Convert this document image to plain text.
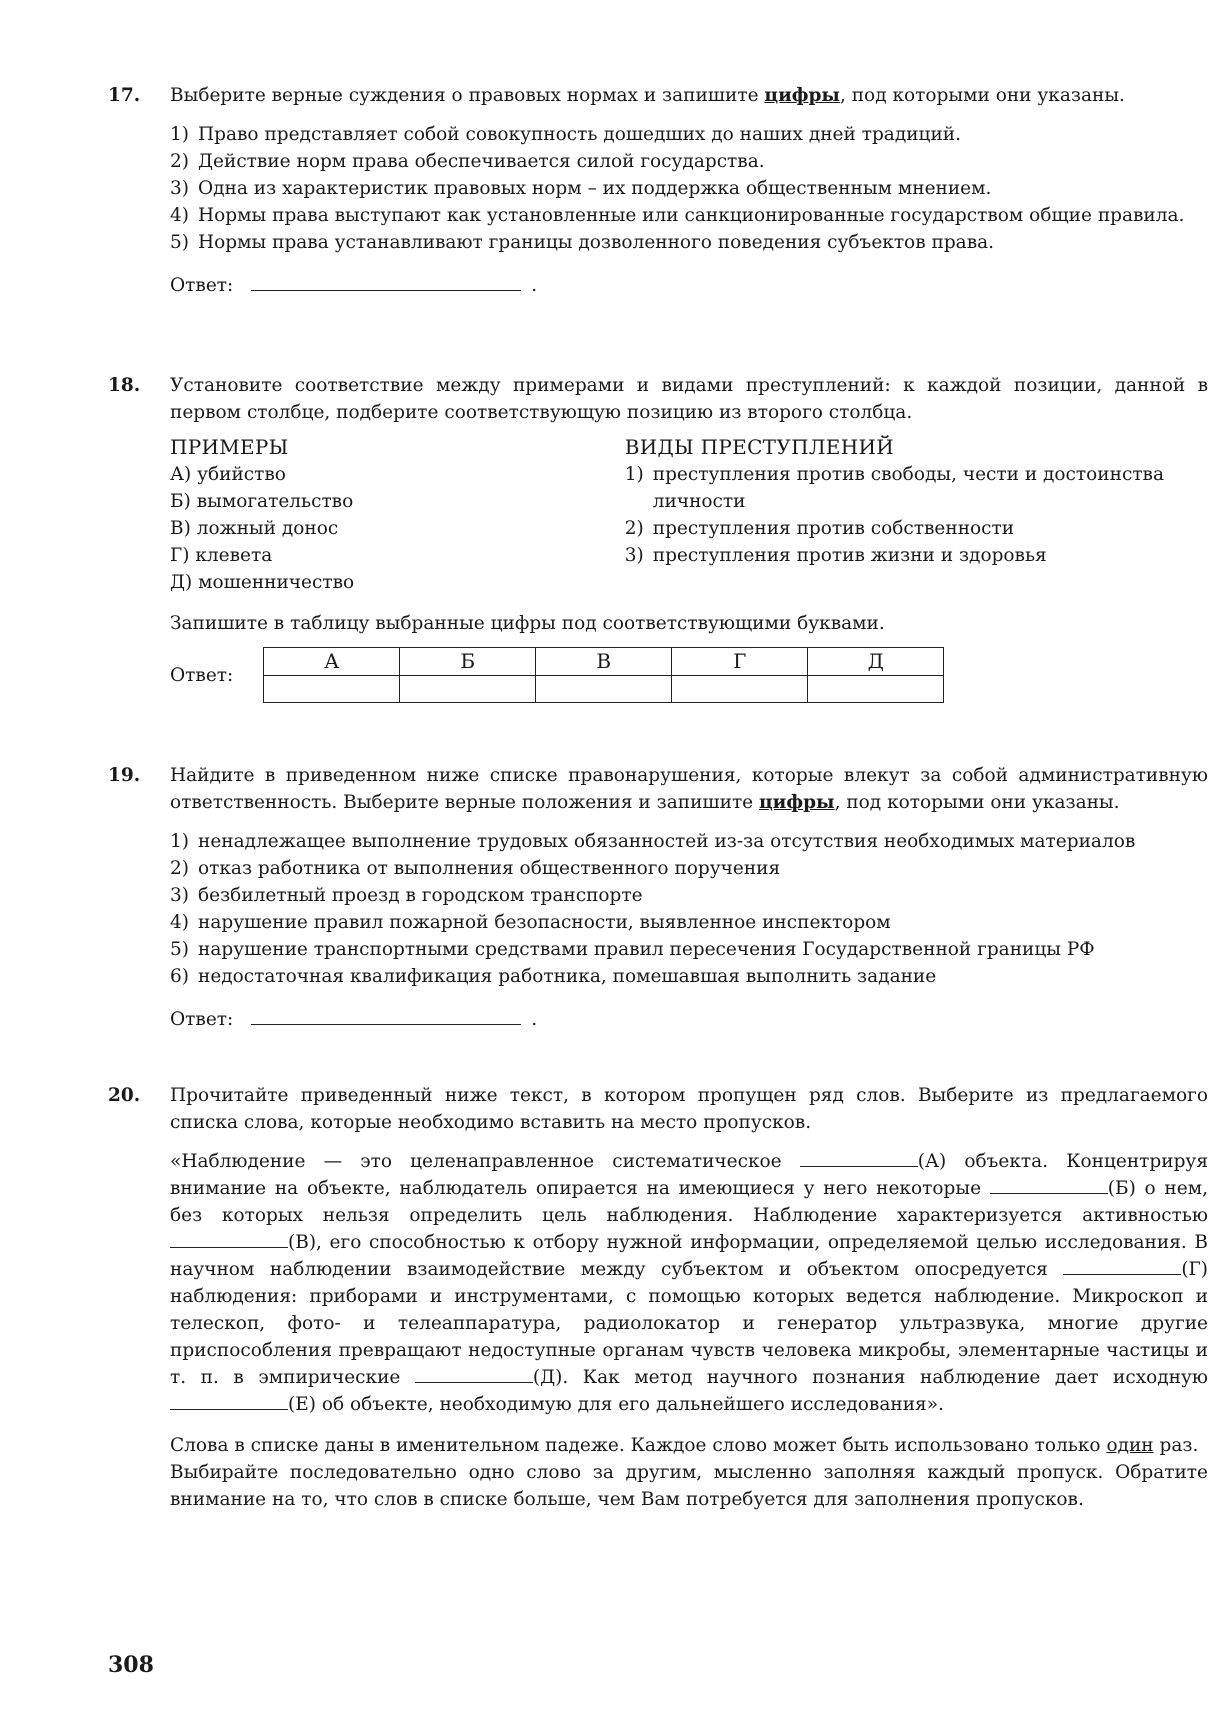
17. Выберите верные суждения о правовых нормах и запишите цифры, под которыми они указаны.
1) Право представляет собой совокупность дошедших до наших дней традиций.
2) Действие норм права обеспечивается силой государства.
3) Одна из характеристик правовых норм – их поддержка общественным мнением.
4) Нормы права выступают как установленные или санкционированные государством общие правила.
5) Нормы права устанавливают границы дозволенного поведения субъектов права.
Ответ:	.
18. Установите соответствие между примерами и видами преступлений: к каждой позиции, данной в первом столбце, подберите соответствующую позицию из второго столбца.
ПРИМЕРЫ
А) убийство
Б) вымогательство
В) ложный донос
Г) клевета
Д) мошенничество
ВИДЫ ПРЕСТУПЛЕНИЙ
1) преступления против свободы, чести и достоинства личности
2) преступления против собственности
3) преступления против жизни и здоровья
Запишите в таблицу выбранные цифры под соответствующими буквами.
Ответ:
А	Б	В	Г	Д

19. Найдите в приведенном ниже списке правонарушения, которые влекут за собой административную ответственность. Выберите верные положения и запишите цифры, под которыми они указаны.
1) ненадлежащее выполнение трудовых обязанностей из-за отсутствия необходимых материалов
2) отказ работника от выполнения общественного поручения
3) безбилетный проезд в городском транспорте
4) нарушение правил пожарной безопасности, выявленное инспектором
5) нарушение транспортными средствами правил пересечения Государственной границы РФ
6) недостаточная квалификация работника, помешавшая выполнить задание
Ответ:	.
20. Прочитайте приведенный ниже текст, в котором пропущен ряд слов. Выберите из предлагаемого списка слова, которые необходимо вставить на место пропусков.
«Наблюдение — это целенаправленное систематическое	(А) объекта. Концентрируя внимание на объекте, наблюдатель опирается на имеющиеся у него некоторые	(Б) о нем, без которых нельзя определить цель наблюдения. Наблюдение характеризуется активностью (В), его способностью к отбору нужной информации, определяемой целью исследования. В научном наблюдении взаимодействие между субъектом и объектом опосредуется	(Г) наблюдения: приборами и инструментами, с помощью которых ведется наблюдение. Микроскоп и телескоп, фото- и телеаппаратура, радиолокатор и генератор ультразвука, многие другие приспособления превращают недоступные органам чувств человека микробы, элементарные частицы и т. п. в эмпирические	(Д). Как метод научного познания наблюдение дает исходную (Е) об объекте, необходимую для его дальнейшего исследования».
Слова в списке даны в именительном падеже. Каждое слово может быть использовано только один раз.
Выбирайте последовательно одно слово за другим, мысленно заполняя каждый пропуск. Обратите внимание на то, что слов в списке больше, чем Вам потребуется для заполнения пропусков.
308
